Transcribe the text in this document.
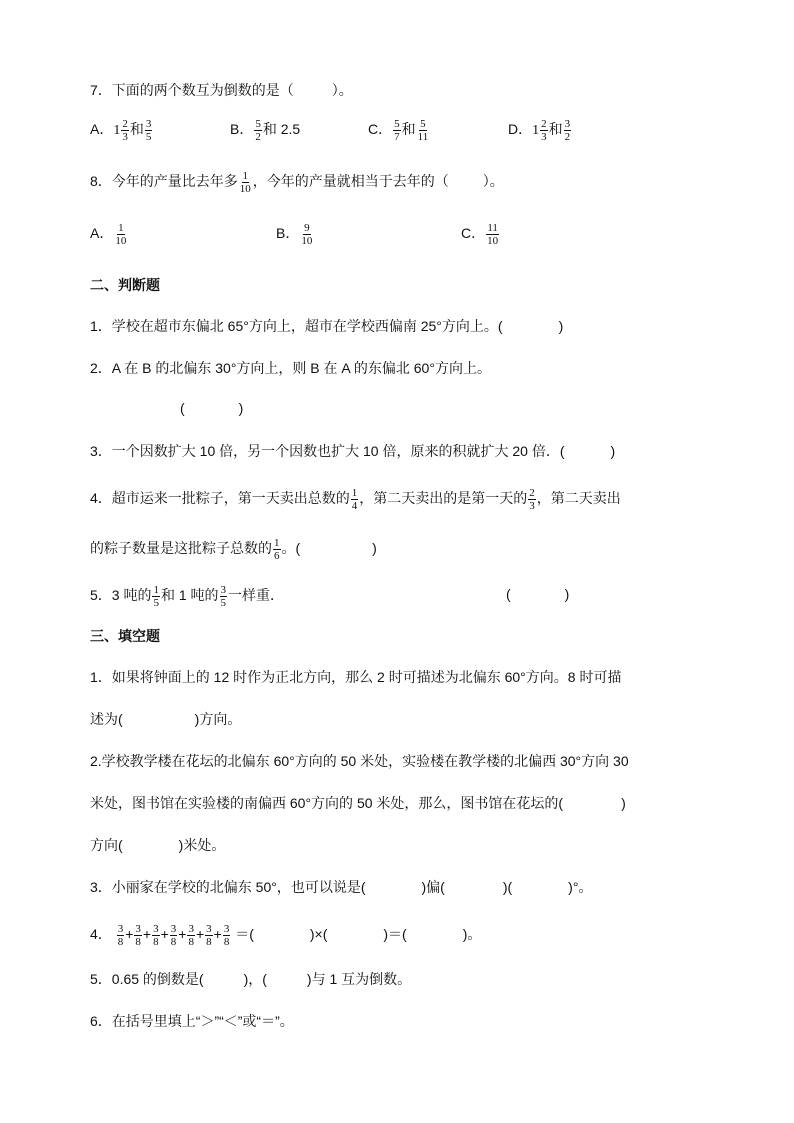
7．下面的两个数互为倒数的是（	）。
A． $1 \frac{2}{3}$ 和 $\frac{3}{5}$	B． $\frac{5}{2}$ 和 2.5	C． $\frac{5}{7}$ 和 $\frac{5}{11}$	D． $1 \frac{2}{3}$ 和 $\frac{3}{2}$
8．今年的产量比去年多 $\frac{1}{10}$ ，今年的产量就相当于去年的（ ）。
A． $\frac{1}{10}$	B． $\frac{9}{10}$	C． $\frac{11}{10}$
二、判断题
1．学校在超市东偏北 65°方向上，超市在学校西偏南 25°方向上。(	)
2．A 在 B 的北偏东 30°方向上，则 B 在 A 的东偏北 60°方向上。
(	)
3．一个因数扩大 10 倍，另一个因数也扩大 10 倍，原来的积就扩大 20 倍．(	)
4．超市运来一批粽子，第一天卖出总数的 $\frac{1}{4}$ ，第二天卖出的是第一天的 $\frac{2}{3}$ ，第二天卖出
的粽子数量是这批粽子总数的 $\frac{1}{6}$ 。(	)
5．3 吨的 $\frac{1}{5}$ 和 1 吨的 $\frac{3}{5}$ 一样重．	(	)
三、填空题
1．如果将钟面上的 12 时作为正北方向，那么 2 时可描述为北偏东 60°方向。8 时可描
述为(	)方向。
2.学校教学楼在花坛的北偏东 60°方向的 50 米处，实验楼在教学楼的北偏西 30°方向 30
米处，图书馆在实验楼的南偏西 60°方向的 50 米处，那么，图书馆在花坛的(	)
方向(	)米处。
3．小丽家在学校的北偏东 50°，也可以说是(	)偏(	)(	)°。
4． $\frac{3}{8} + \frac{3}{8} + \frac{3}{8} + \frac{3}{8} + \frac{3}{8} + \frac{3}{8} + \frac{3}{8}$ ＝(	)×(	)＝(	)。
5．0.65 的倒数是(	)，(	)与 1 互为倒数。
6．在括号里填上“＞”“＜”或“＝”。
